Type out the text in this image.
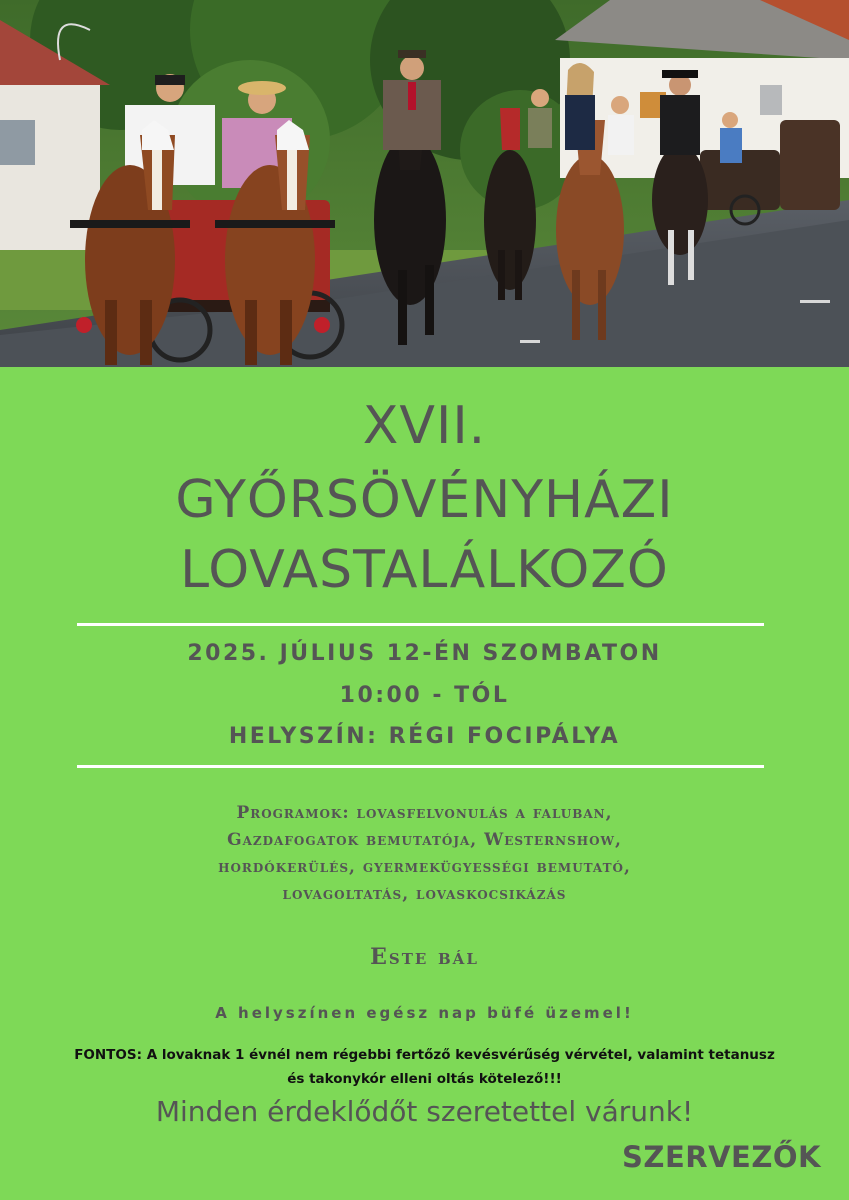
XVII.
GYŐRSÖVÉNYHÁZI
LOVASTALÁLKOZÓ
2025. JÚLIUS 12-ÉN SZOMBATON
10:00 - TÓL
HELYSZÍN: RÉGI FOCIPÁLYA
Programok: lovasfelvonulás a faluban,
Gazdafogatok bemutatója, Westernshow,
hordókerülés, gyermekügyességi bemutató,
lovagoltatás, lovaskocsikázás
Este bál
A helyszínen egész nap büfé üzemel!
FONTOS: A lovaknak 1 évnél nem régebbi fertőző kevésvérűség vérvétel, valamint tetanusz
és takonykór elleni oltás kötelező!!!
Minden érdeklődőt szeretettel várunk!
SZERVEZŐK
